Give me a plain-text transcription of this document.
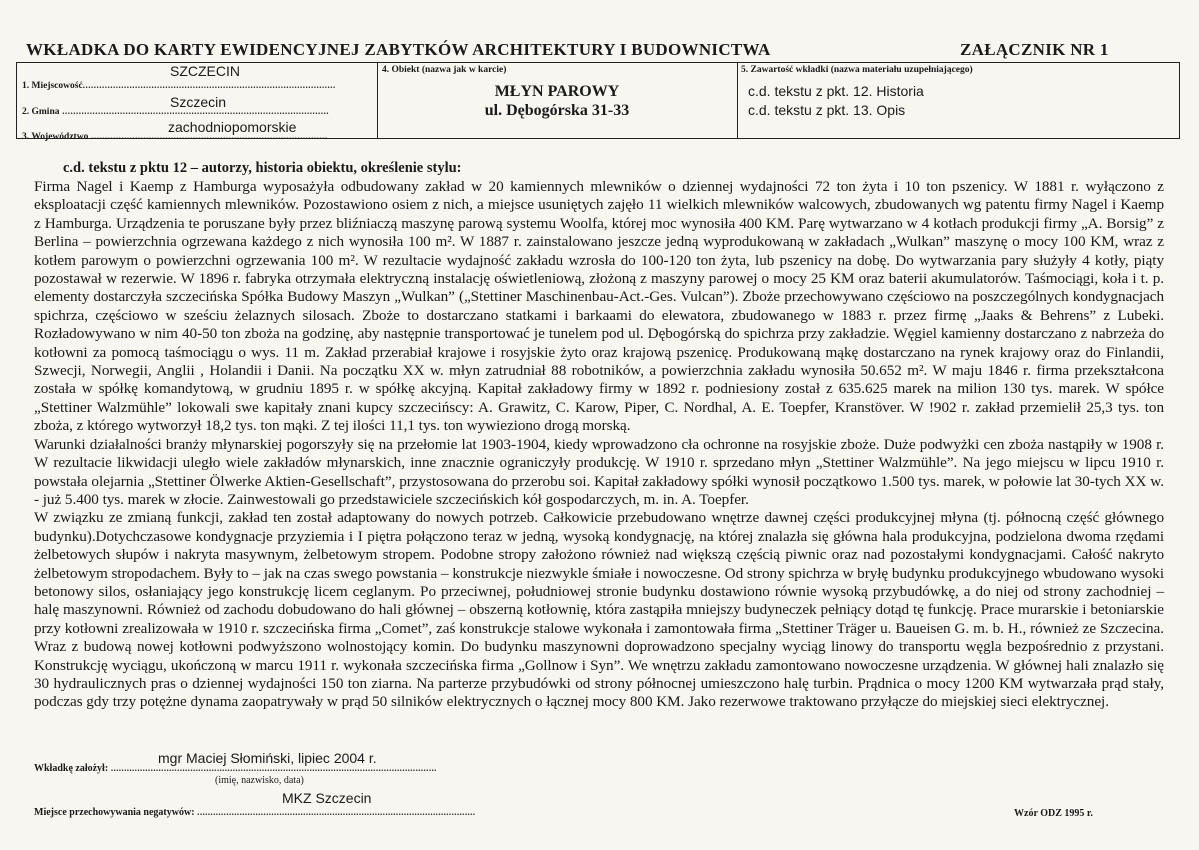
WKŁADKA DO KARTY EWIDENCYJNEJ ZABYTKÓW ARCHITEKTURY I BUDOWNICTWA	ZAŁĄCZNIK NR 1
SZCZECIN
1. Miejscowość............................................................................................
Szczecin
2. Gmina .................................................................................................
zachodniopomorskie
3. Województwo ......................................................................................
4. Obiekt (nazwa jak w karcie)
MŁYN PAROWY
ul. Dębogórska 31-33
5. Zawartość wkładki (nazwa materiału uzupełniającego)
c.d. tekstu z pkt. 12. Historia
c.d. tekstu z pkt. 13. Opis
c.d. tekstu z pktu 12 – autorzy, historia obiektu, określenie stylu:

Firma Nagel i Kaemp z Hamburga wyposażyła odbudowany zakład w 20 kamiennych mlewników o dziennej wydajności 72 ton żyta i 10 ton pszenicy. W 1881 r. wyłączono z eksploatacji część kamiennych mlewników. Pozostawiono osiem z nich, a miejsce usuniętych zajęło 11 wielkich mlewników walcowych, zbudowanych wg patentu firmy Nagel i Kaemp z Hamburga. Urządzenia te poruszane były przez bliźniaczą maszynę parową systemu Woolfa, której moc wynosiła 400 KM. Parę wytwarzano w 4 kotłach produkcji firmy „A. Borsig” z Berlina – powierzchnia ogrzewana każdego z nich wynosiła 100 m². W 1887 r. zainstalowano jeszcze jedną wyprodukowaną w zakładach „Wulkan” maszynę o mocy 100 KM, wraz z kotłem parowym o powierzchni ogrzewania 100 m². W rezultacie wydajność zakładu wzrosła do 100-120 ton żyta, lub pszenicy na dobę. Do wytwarzania pary służyły 4 kotły, piąty pozostawał w rezerwie. W 1896 r. fabryka otrzymała elektryczną instalację oświetleniową, złożoną z maszyny parowej o mocy 25 KM oraz baterii akumulatorów. Taśmociągi, koła i t. p. elementy dostarczyła szczecińska Spółka Budowy Maszyn „Wulkan” („Stettiner Maschinenbau-Act.-Ges. Vulcan”). Zboże przechowywano częściowo na poszczególnych kondygnacjach spichrza, częściowo w sześciu żelaznych silosach. Zboże to dostarczano statkami i barkaami do elewatora, zbudowanego w 1883 r. przez firmę „Jaaks & Behrens” z Lubeki. Rozładowywano w nim 40-50 ton zboża na godzinę, aby następnie transportować je tunelem pod ul. Dębogórską do spichrza przy zakładzie. Węgiel kamienny dostarczano z nabrzeża do kotłowni za pomocą taśmociągu o wys. 11 m. Zakład przerabiał krajowe i rosyjskie żyto oraz krajową pszenicę. Produkowaną mąkę dostarczano na rynek krajowy oraz do Finlandii, Szwecji, Norwegii, Anglii , Holandii i Danii. Na początku XX w. młyn zatrudniał 88 robotników, a powierzchnia zakładu wynosiła 50.652 m². W maju 1846 r. firma przekształcona została w spółkę komandytową, w grudniu 1895 r. w spółkę akcyjną. Kapitał zakładowy firmy w 1892 r. podniesiony został z 635.625 marek na milion 130 tys. marek. W spółce „Stettiner Walzmühle” lokowali swe kapitały znani kupcy szczecińscy: A. Grawitz, C. Karow, Piper, C. Nordhal, A. E. Toepfer, Kranstöver. W !902 r. zakład przemielił 25,3 tys. ton zboża, z którego wytworzył 18,2 tys. ton mąki. Z tej ilości 11,1 tys. ton wywieziono drogą morską.

Warunki działalności branży młynarskiej pogorszyły się na przełomie lat 1903-1904, kiedy wprowadzono cła ochronne na rosyjskie zboże. Duże podwyżki cen zboża nastąpiły w 1908 r. W rezultacie likwidacji uległo wiele zakładów młynarskich, inne znacznie ograniczyły produkcję. W 1910 r. sprzedano młyn „Stettiner Walzmühle”. Na jego miejscu w lipcu 1910 r. powstała olejarnia „Stettiner Ölwerke Aktien-Gesellschaft”, przystosowana do przerobu soi. Kapitał zakładowy spółki wynosił początkowo 1.500 tys. marek, w połowie lat 30-tych XX w. - już 5.400 tys. marek w złocie. Zainwestowali go przedstawiciele szczecińskich kół gospodarczych, m. in. A. Toepfer.

W związku ze zmianą funkcji, zakład ten został adaptowany do nowych potrzeb. Całkowicie przebudowano wnętrze dawnej części produkcyjnej młyna (tj. północną część głównego budynku).Dotychczasowe kondygnacje przyziemia i I piętra połączono teraz w jedną, wysoką kondygnację, na której znalazła się główna hala produkcyjna, podzielona dwoma rzędami żelbetowych słupów i nakryta masywnym, żelbetowym stropem. Podobne stropy założono również nad większą częścią piwnic oraz nad pozostałymi kondygnacjami. Całość nakryto żelbetowym stropodachem. Były to – jak na czas swego powstania – konstrukcje niezwykle śmiałe i nowoczesne. Od strony spichrza w bryłę budynku produkcyjnego wbudowano wysoki betonowy silos, osłaniający jego konstrukcję licem ceglanym. Po przeciwnej, południowej stronie budynku dostawiono równie wysoką przybudówkę, a do niej od strony zachodniej – halę maszynowni. Również od zachodu dobudowano do hali głównej – obszerną kotłownię, która zastąpiła mniejszy budyneczek pełniący dotąd tę funkcję. Prace murarskie i betoniarskie przy kotłowni zrealizowała w 1910 r. szczecińska firma „Comet”, zaś konstrukcje stalowe wykonała i zamontowała firma „Stettiner Träger u. Baueisen G. m. b. H., również ze Szczecina. Wraz z budową nowej kotłowni podwyższono wolnostojący komin. Do budynku maszynowni doprowadzono specjalny wyciąg linowy do transportu węgla bezpośrednio z przystani. Konstrukcję wyciągu, ukończoną w marcu 1911 r. wykonała szczecińska firma „Gollnow i Syn”. We wnętrzu zakładu zamontowano nowoczesne urządzenia. W głównej hali znalazło się 30 hydraulicznych pras o dziennej wydajności 150 ton ziarna. Na parterze przybudówki od strony północnej umieszczono halę turbin. Prądnica o mocy 1200 KM wytwarzała prąd stały, podczas gdy trzy potężne dynama zaopatrywały w prąd 50 silników elektrycznych o łącznej mocy 800 KM. Jako rezerwowe traktowano przyłącze do miejskiej sieci elektrycznej.

mgr Maciej Słomiński, lipiec 2004 r.
Wkładkę założył: ...........................................................................................................................
(imię, nazwisko, data)
MKZ Szczecin
Miejsce przechowywania negatywów: .........................................................................................................	Wzór ODZ 1995 r.
